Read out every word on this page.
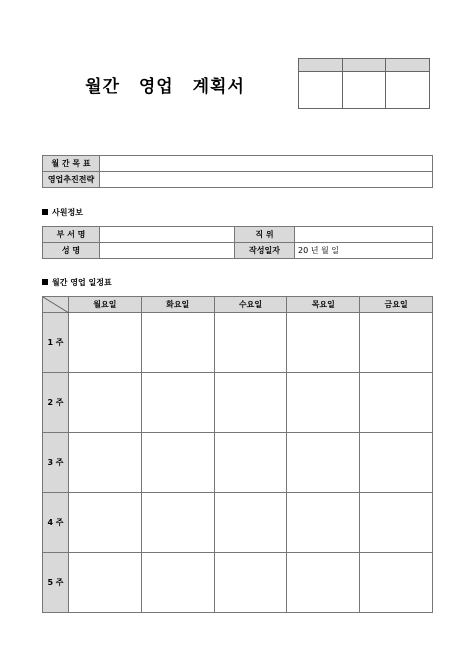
월간 영업 계획서

월 간 목 표	
영업추진전략	
사원정보
부 서 명		직 위	
성 명		작성일자	20 년 월 일
월간 영업 일정표
	월요일	화요일	수요일	목요일	금요일
1 주					
2 주					
3 주					
4 주					
5 주					
